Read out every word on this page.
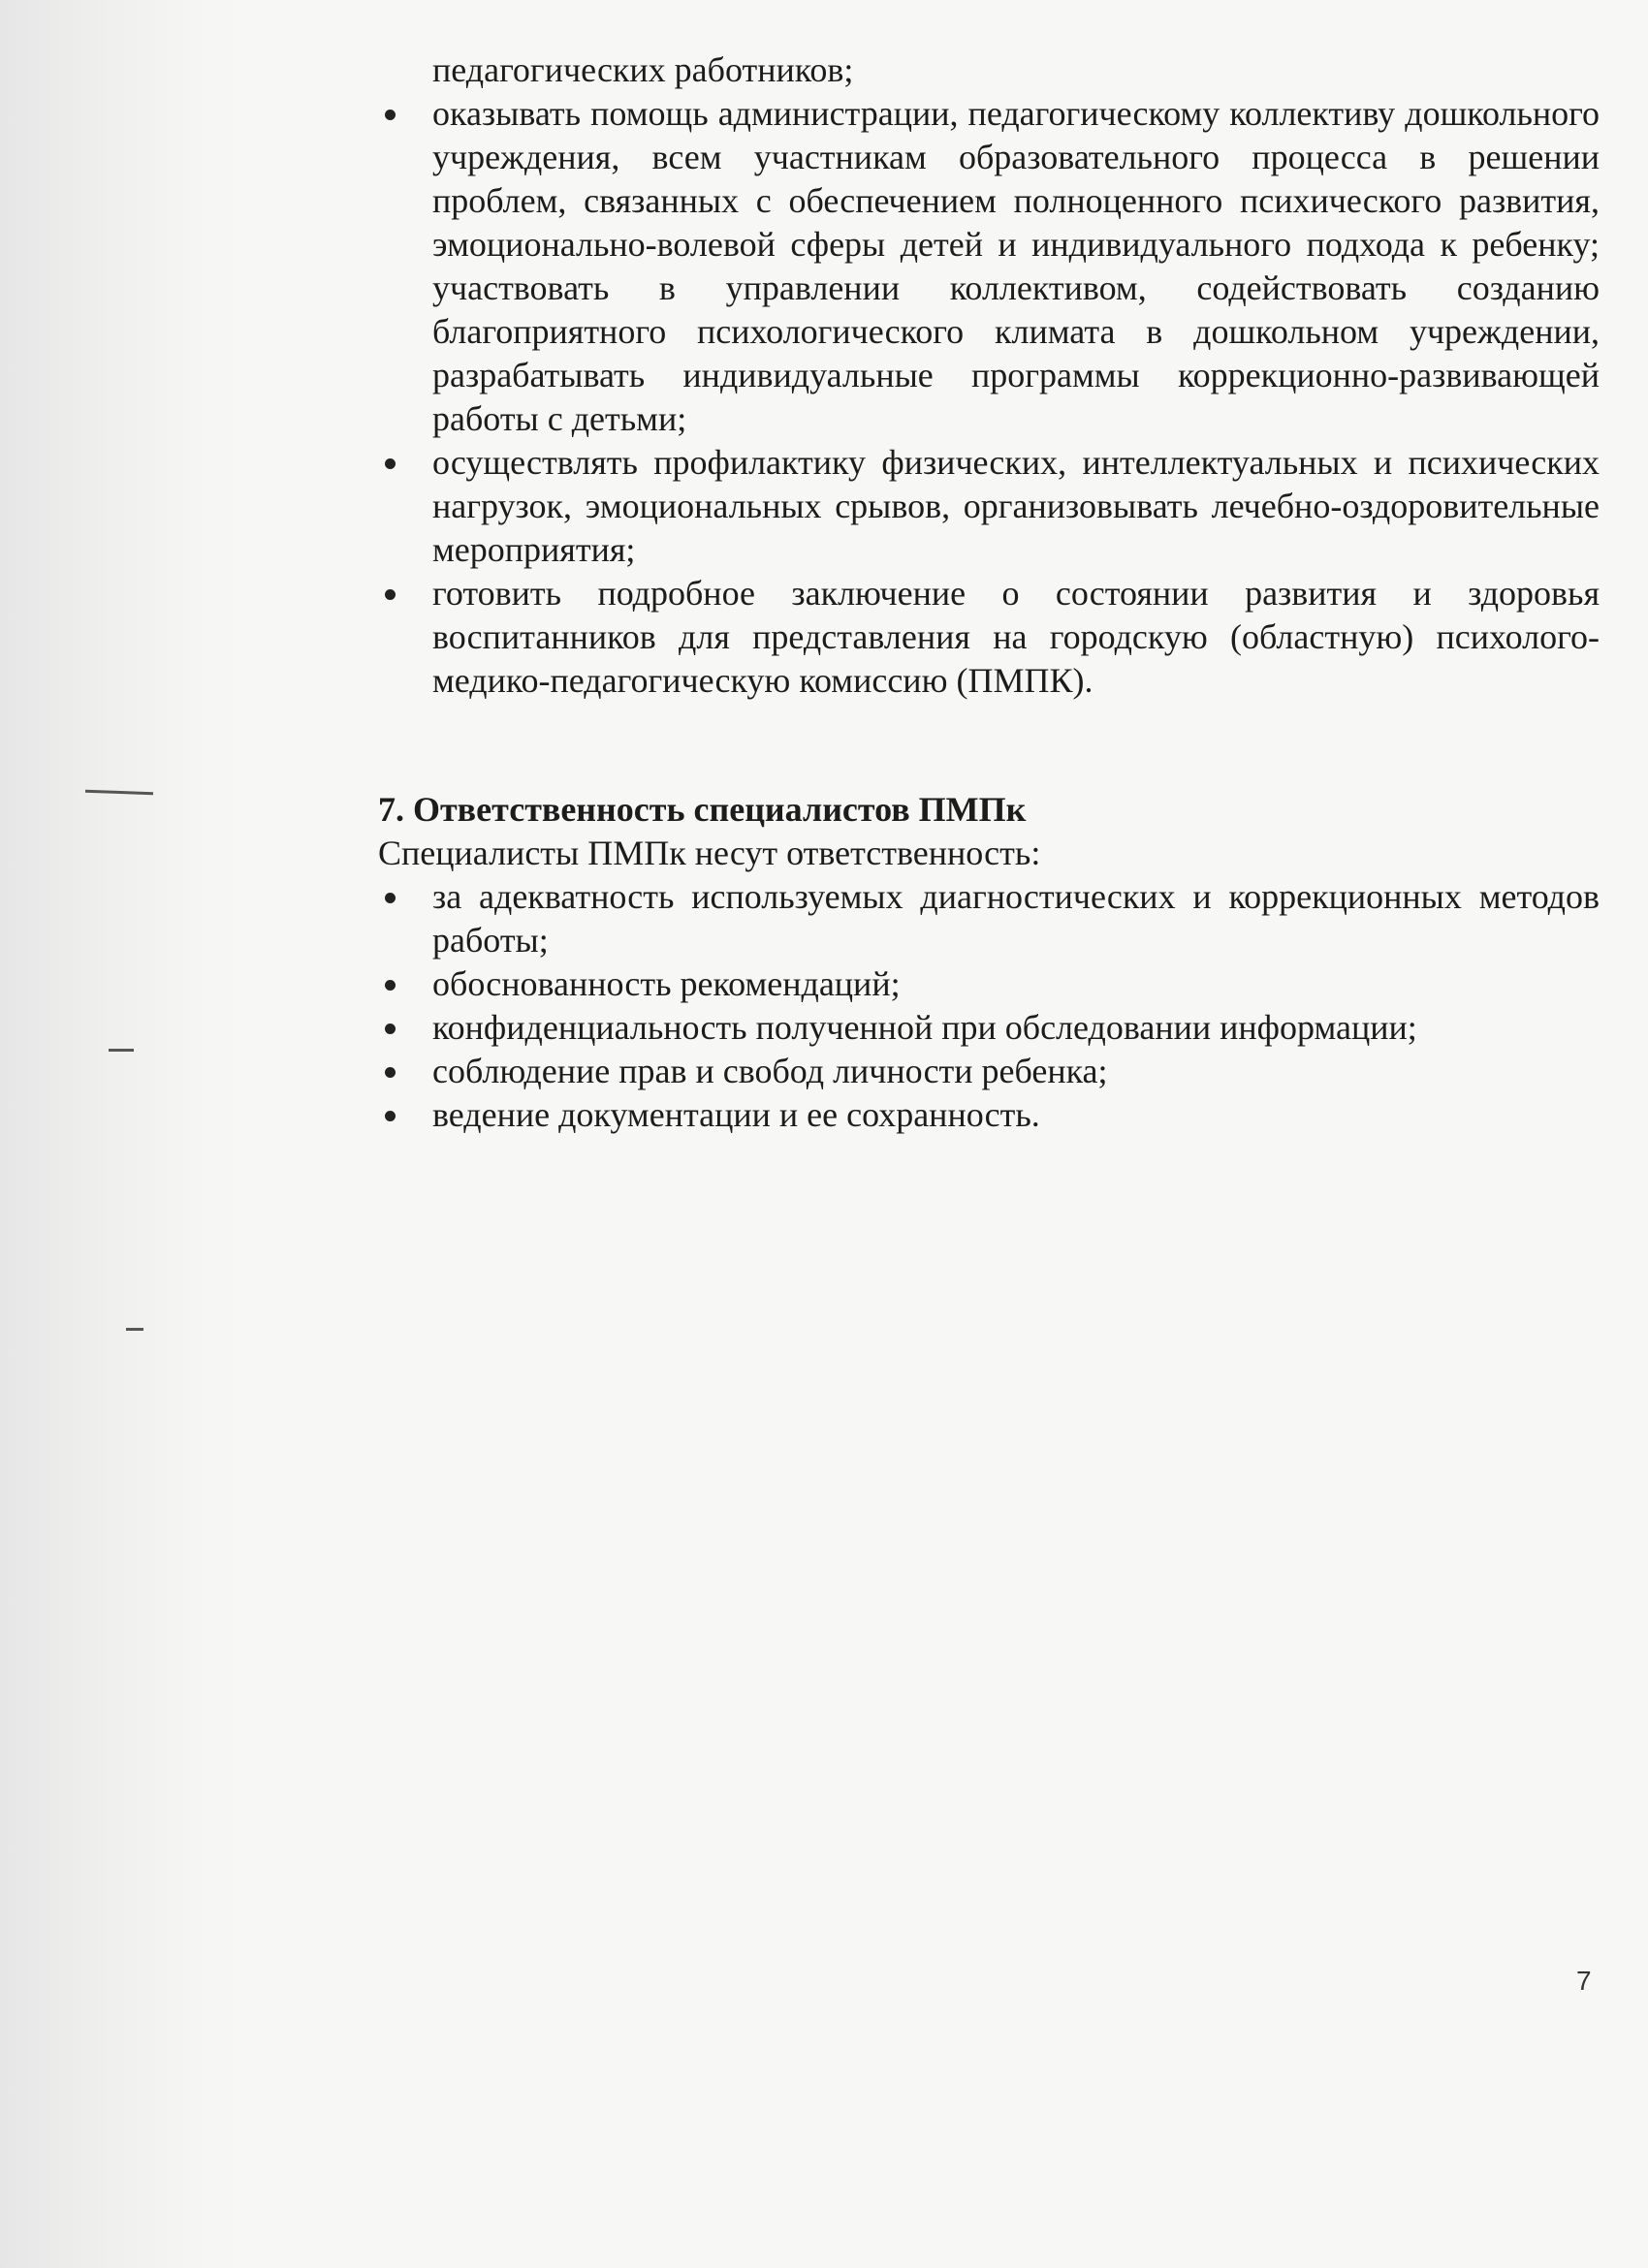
педагогических работников;
оказывать помощь администрации, педагогическому коллективу дошкольного учреждения, всем участникам образовательного процесса в решении проблем, связанных с обеспечением полноценного психического развития, эмоционально-волевой сферы детей и индивидуального подхода к ребенку; участвовать в управлении коллективом, содействовать созданию благоприятного психологического климата в дошкольном учреждении, разрабатывать индивидуальные программы коррекционно-развивающей работы с детьми;
осуществлять профилактику физических, интеллектуальных и психических нагрузок, эмоциональных срывов, организовывать лечебно-оздоровительные мероприятия;
готовить подробное заключение о состоянии развития и здоровья воспитанников для представления на городскую (областную) психолого-медико-педагогическую комиссию (ПМПК).
7. Ответственность специалистов ПМПк

Специалисты ПМПк несут ответственность:

за адекватность используемых диагностических и коррекционных методов работы;
обоснованность рекомендаций;
конфиденциальность полученной при обследовании информации;
соблюдение прав и свобод личности ребенка;
ведение документации и ее сохранность.
7
